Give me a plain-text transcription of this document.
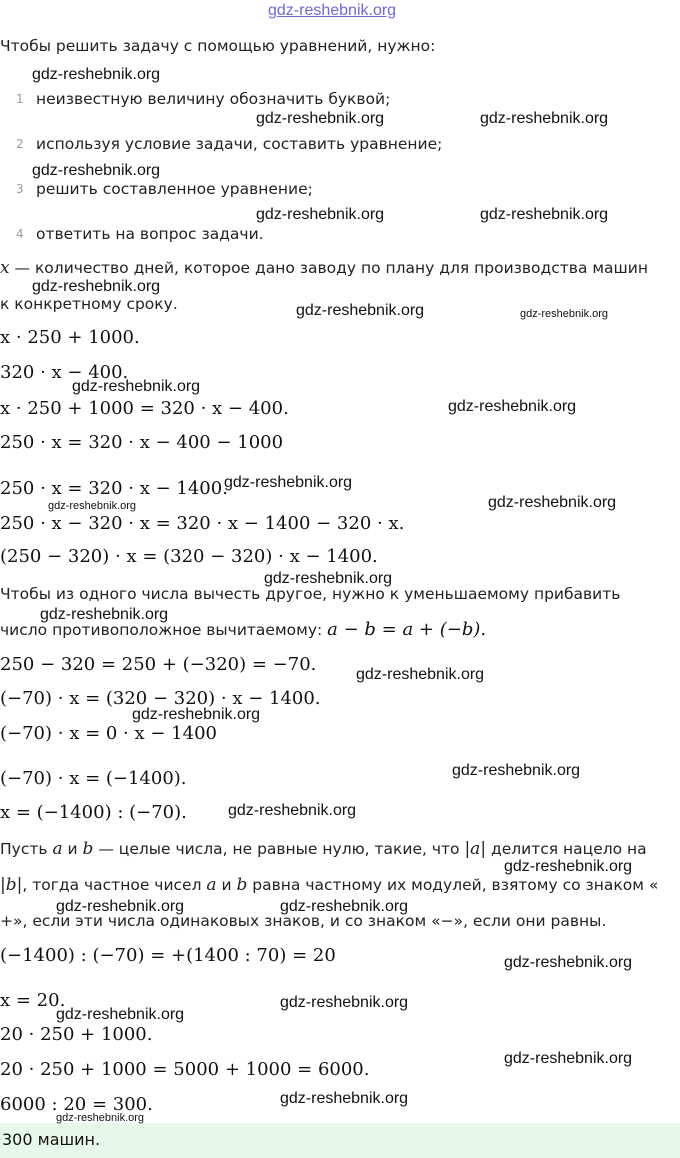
gdz-reshebnik.org
Чтобы решить задачу с помощью уравнений, нужно:
1 неизвестную величину обозначить буквой;
2 используя условие задачи, составить уравнение;
3 решить составленное уравнение;
4 ответить на вопрос задачи.
x — количество дней, которое дано заводу по плану для производства машин
к конкретному сроку.
x · 250 + 1000.
320 · x − 400.
x · 250 + 1000 = 320 · x − 400.
250 · x = 320 · x − 400 − 1000
250 · x = 320 · x − 1400.
250 · x − 320 · x = 320 · x − 1400 − 320 · x.
(250 − 320) · x = (320 − 320) · x − 1400.
Чтобы из одного числа вычесть другое, нужно к уменьшаемому прибавить
число противоположное вычитаемому: a − b = a + (−b).
250 − 320 = 250 + (−320) = −70.
(−70) · x = (320 − 320) · x − 1400.
(−70) · x = 0 · x − 1400
(−70) · x = (−1400).
x = (−1400) : (−70).
Пусть a и b — целые числа, не равные нулю, такие, что |a| делится нацело на
|b|, тогда частное чисел a и b равна частному их модулей, взятому со знаком «
+», если эти числа одинаковых знаков, и со знаком «−», если они равны.
(−1400) : (−70) = +(1400 : 70) = 20
x = 20.
20 · 250 + 1000.
20 · 250 + 1000 = 5000 + 1000 = 6000.
6000 : 20 = 300.
300 машин.
gdz-reshebnik.org
gdz-reshebnik.org	gdz-reshebnik.org
gdz-reshebnik.org
gdz-reshebnik.org	gdz-reshebnik.org
gdz-reshebnik.org
gdz-reshebnik.org	gdz-reshebnik.org
gdz-reshebnik.org
gdz-reshebnik.org
gdz-reshebnik.org
gdz-reshebnik.org	gdz-reshebnik.org
gdz-reshebnik.org
gdz-reshebnik.org
gdz-reshebnik.org
gdz-reshebnik.org
gdz-reshebnik.org
gdz-reshebnik.org
gdz-reshebnik.org
gdz-reshebnik.org	gdz-reshebnik.org
gdz-reshebnik.org
gdz-reshebnik.org
gdz-reshebnik.org
gdz-reshebnik.org
gdz-reshebnik.org
gdz-reshebnik.org
